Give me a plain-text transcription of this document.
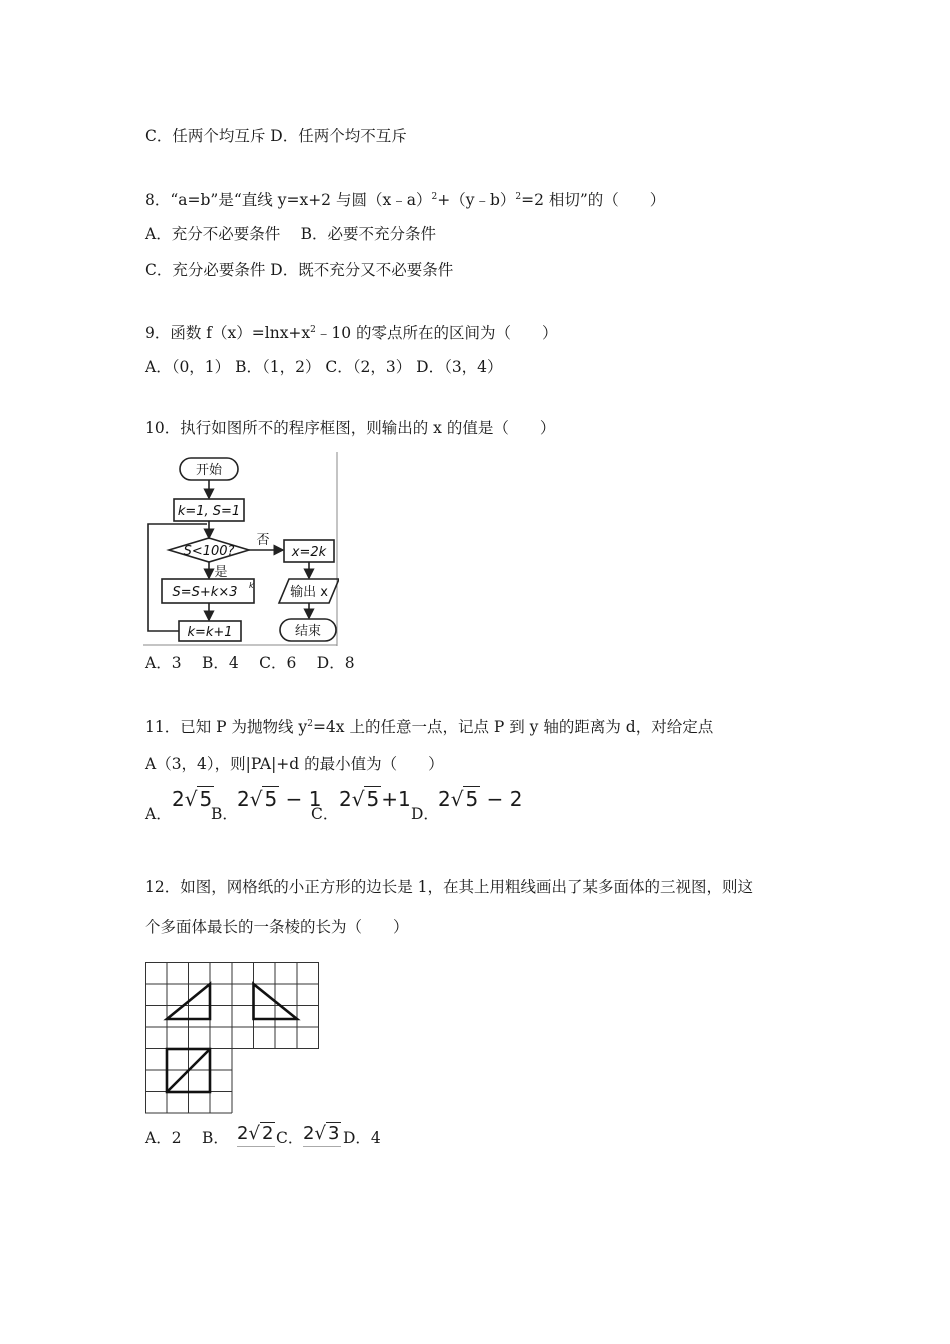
C．任两个均互斥 D．任两个均不互斥
8．“a=b”是“直线 y=x+2 与圆（x﹣a）$^2$+（y﹣b）$^2$=2 相切”的（　　）
A．充分不必要条件　 B．必要不充分条件
C．充分必要条件 D．既不充分又不必要条件
9．函数 $f(x)=\ln x+x^2﹣10$ 的零点所在的区间为（　　）
A．（0，1） B．（1，2） C．（2，3） D．（3，4）
10．执行如图所不的程序框图，则输出的 x 的值是（　　）
开始
k=1, S=1
S<100?
否
是
S=S+k×3 k
k=k+1
x=2k
输出 x
结束
A．3　 B．4　 C．6　 D．8
11．已知 P 为抛物线 $y^2=4x$ 上的任意一点，记点 P 到 y 轴的距离为 d，对给定点
A（3，4），则|PA|+d 的最小值为（　　）
A．
2√ 5
B．
2√ 5 − 1
C．
2√ 5 +1
D．
2√ 5 − 2
12．如图，网格纸的小正方形的边长是 1，在其上用粗线画出了某多面体的三视图，则这
个多面体最长的一条棱的长为（　　）
A．2　 B． 2√ 2 C． 2√ 3 D．4
